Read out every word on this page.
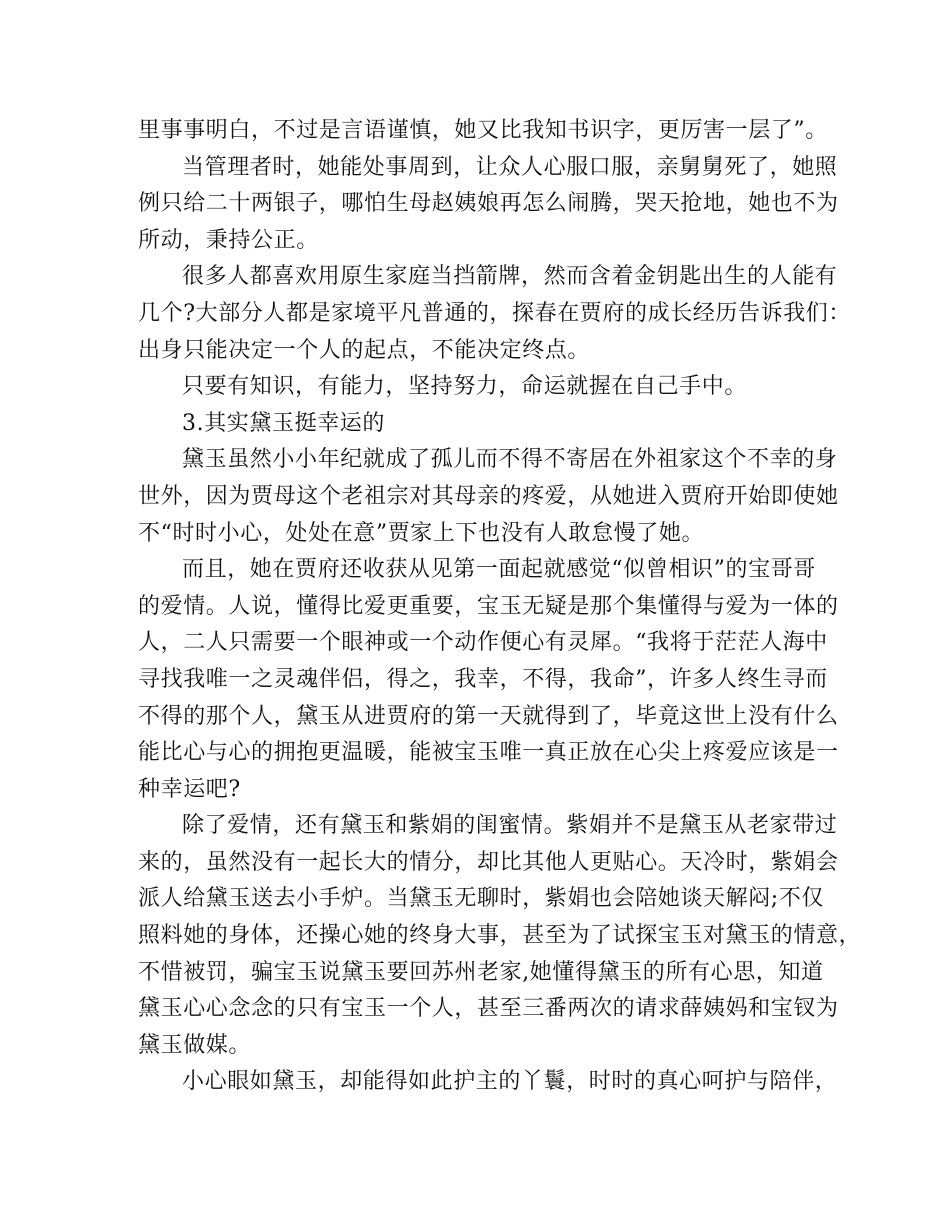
里事事明白，不过是言语谨慎，她又比我知书识字，更厉害一层了”。
当管理者时，她能处事周到，让众人心服口服，亲舅舅死了，她照
例只给二十两银子，哪怕生母赵姨娘再怎么闹腾，哭天抢地，她也不为
所动，秉持公正。
很多人都喜欢用原生家庭当挡箭牌，然而含着金钥匙出生的人能有
几个?大部分人都是家境平凡普通的，探春在贾府的成长经历告诉我们：
出身只能决定一个人的起点，不能决定终点。
只要有知识，有能力，坚持努力，命运就握在自己手中。
3.其实黛玉挺幸运的
黛玉虽然小小年纪就成了孤儿而不得不寄居在外祖家这个不幸的身
世外，因为贾母这个老祖宗对其母亲的疼爱，从她进入贾府开始即使她
不“时时小心，处处在意”贾家上下也没有人敢怠慢了她。
而且，她在贾府还收获从见第一面起就感觉“似曾相识”的宝哥哥
的爱情。人说，懂得比爱更重要，宝玉无疑是那个集懂得与爱为一体的
人，二人只需要一个眼神或一个动作便心有灵犀。“我将于茫茫人海中
寻找我唯一之灵魂伴侣，得之，我幸，不得，我命”，许多人终生寻而
不得的那个人，黛玉从进贾府的第一天就得到了，毕竟这世上没有什么
能比心与心的拥抱更温暖，能被宝玉唯一真正放在心尖上疼爱应该是一
种幸运吧?
除了爱情，还有黛玉和紫娟的闺蜜情。紫娟并不是黛玉从老家带过
来的，虽然没有一起长大的情分，却比其他人更贴心。天冷时，紫娟会
派人给黛玉送去小手炉。当黛玉无聊时，紫娟也会陪她谈天解闷;不仅
照料她的身体，还操心她的终身大事，甚至为了试探宝玉对黛玉的情意，
不惜被罚，骗宝玉说黛玉要回苏州老家,她懂得黛玉的所有心思，知道
黛玉心心念念的只有宝玉一个人，甚至三番两次的请求薛姨妈和宝钗为
黛玉做媒。
小心眼如黛玉，却能得如此护主的丫鬟，时时的真心呵护与陪伴，
